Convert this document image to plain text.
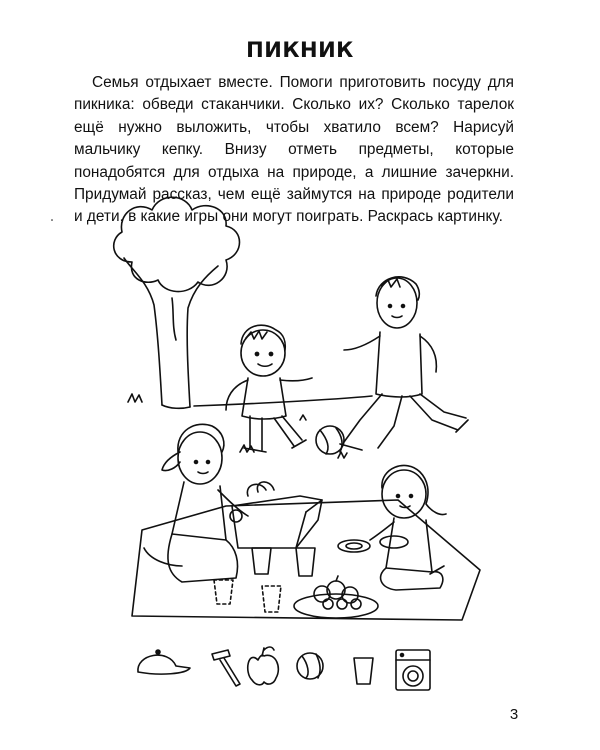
ПИКНИК

Семья отдыхает вместе. Помоги приготовить посуду для пикника: обведи стаканчики. Сколько их? Сколько тарелок ещё нужно выложить, чтобы хватило всем? Нарисуй мальчику кепку. Внизу отметь предметы, которые понадобятся для отдыха на природе, а лишние зачеркни. Придумай рассказ, чем ещё займутся на природе родители и дети, в какие игры они могут поиграть. Раскрась картинку.

3
